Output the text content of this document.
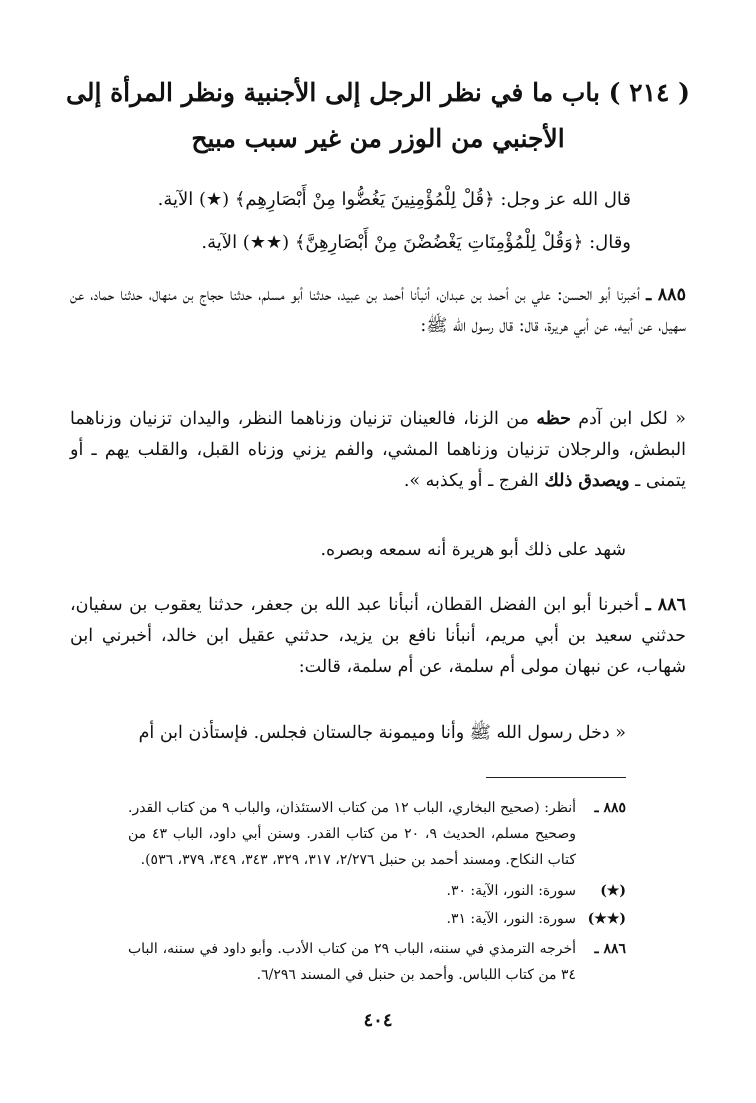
( ٢١٤ ) باب ما في نظر الرجل إلى الأجنبية ونظر المرأة إلى الأجنبي من الوزر من غير سبب مبيح
قال الله عز وجل: ﴿قُلْ لِلْمُؤْمِنِينَ يَغُضُّوا مِنْ أَبْصَارِهِم﴾ (★) الآية.
وقال: ﴿وَقُلْ لِلْمُؤْمِنَاتِ يَغْضُضْنَ مِنْ أَبْصَارِهِنَّ﴾ (★★) الآية.
٨٨٥ ـ أخبرنا أبو الحسن: علي بن أحمد بن عبدان، أنبأنا أحمد بن عبيد، حدثنا أبو مسلم، حدثنا حجاج بن منهال، حدثنا حماد، عن سهيل، عن أبيه، عن أبي هريرة، قال: قال رسول الله ﷺ:
« لكل ابن آدم حظه من الزنا، فالعينان تزنيان وزناهما النظر، واليدان تزنيان وزناهما البطش، والرجلان تزنيان وزناهما المشي، والفم يزني وزناه القبل، والقلب يهم ـ أو يتمنى ـ ويصدق ذلك الفرج ـ أو يكذبه ».
شهد على ذلك أبو هريرة أنه سمعه وبصره.
٨٨٦ ـ أخبرنا أبو ابن الفضل القطان، أنبأنا عبد الله بن جعفر، حدثنا يعقوب بن سفيان، حدثني سعيد بن أبي مريم، أنبأنا نافع بن يزيد، حدثني عقيل ابن خالد، أخبرني ابن شهاب، عن نبهان مولى أم سلمة، عن أم سلمة، قالت:
« دخل رسول الله ﷺ وأنا وميمونة جالستان فجلس. فإستأذن ابن أم
٨٨٥ ـ
أنظر: (صحيح البخاري، الباب ١٢ من كتاب الاستئذان، والباب ٩ من كتاب القدر. وصحيح مسلم، الحديث ٩، ٢٠ من كتاب القدر. وسنن أبي داود، الباب ٤٣ من كتاب النكاح. ومسند أحمد بن حنبل ٢/٢٧٦، ٣١٧، ٣٢٩، ٣٤٣، ٣٤٩، ٣٧٩، ٥٣٦).
(★)
سورة: النور، الآية: ٣٠.
(★★)
سورة: النور، الآية: ٣١.
٨٨٦ ـ
أخرجه الترمذي في سننه، الباب ٢٩ من كتاب الأدب. وأبو داود في سننه، الباب ٣٤ من كتاب اللباس. وأحمد بن حنبل في المسند ٦/٢٩٦.
٤٠٤
